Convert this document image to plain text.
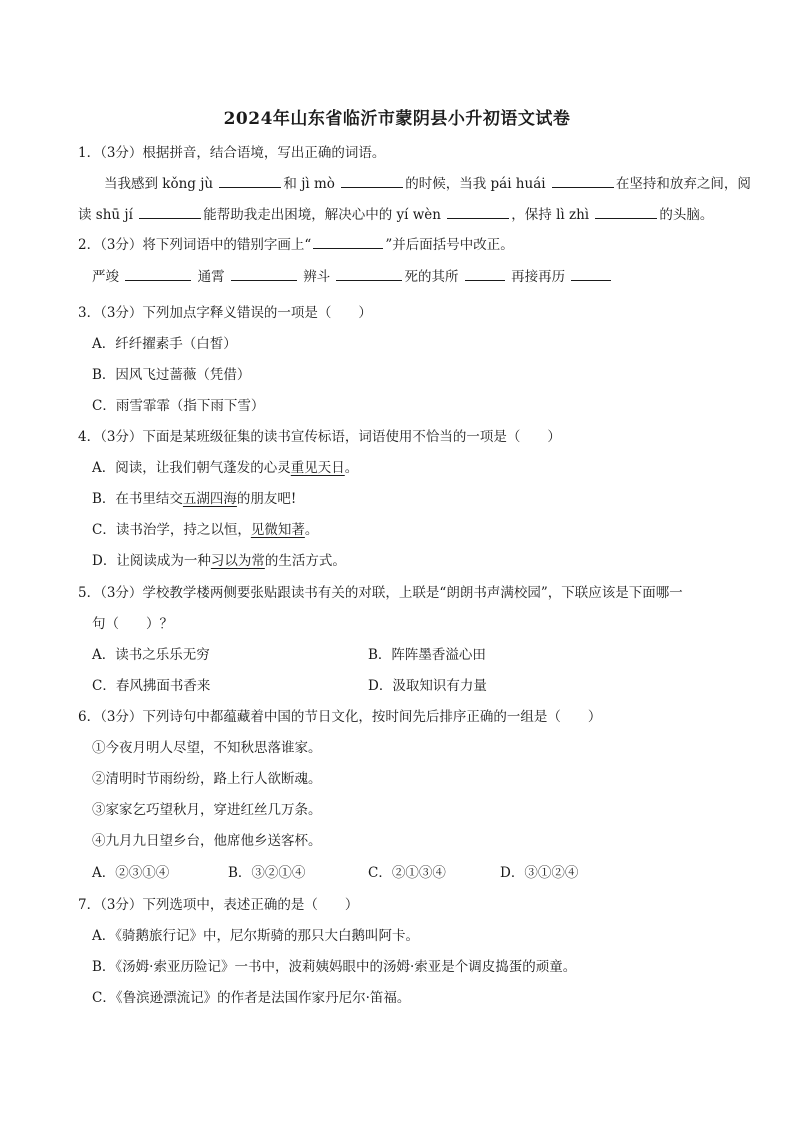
2024年山东省临沂市蒙阴县小升初语文试卷
1．（3分）根据拼音，结合语境，写出正确的词语。
当我感到 kǒng jù	和 jì mò	的时候，当我 pái huái	在坚持和放弃之间，阅
读 shū jí	能帮助我走出困境，解决心中的 yí wèn	，保持 lì zhì	的头脑。
2．（3分）将下列词语中的错别字画上“	”并后面括号中改正。
严竣	通霄	辨斗	死的其所	再接再历
3．（3分）下列加点字释义错误的一项是（　　）
A．纤纤擢素手（白皙）
B．因风飞过蔷薇（凭借）
C．雨雪霏霏（指下雨下雪）
4．（3分）下面是某班级征集的读书宣传标语，词语使用不恰当的一项是（　　）
A．阅读，让我们朝气蓬发的心灵重见天日。
B．在书里结交五湖四海的朋友吧!
C．读书治学，持之以恒，见微知著。
D．让阅读成为一种习以为常的生活方式。
5．（3分）学校教学楼两侧要张贴跟读书有关的对联，上联是“朗朗书声满校园”，下联应该是下面哪一
句（　　）？
A．读书之乐乐无穷	B．阵阵墨香溢心田
C．春风拂面书香来	D．汲取知识有力量
6．（3分）下列诗句中都蕴藏着中国的节日文化，按时间先后排序正确的一组是（　　）
①今夜月明人尽望，不知秋思落谁家。
②清明时节雨纷纷，路上行人欲断魂。
③家家乞巧望秋月，穿进红丝几万条。
④九月九日望乡台，他席他乡送客杯。
A．②③①④	B．③②①④	C．②①③④	D．③①②④
7．（3分）下列选项中，表述正确的是（　　）
A．《骑鹅旅行记》中，尼尔斯骑的那只大白鹅叫阿卡。
B．《汤姆·索亚历险记》一书中，波莉姨妈眼中的汤姆·索亚是个调皮捣蛋的顽童。
C．《鲁滨逊漂流记》的作者是法国作家丹尼尔·笛福。
